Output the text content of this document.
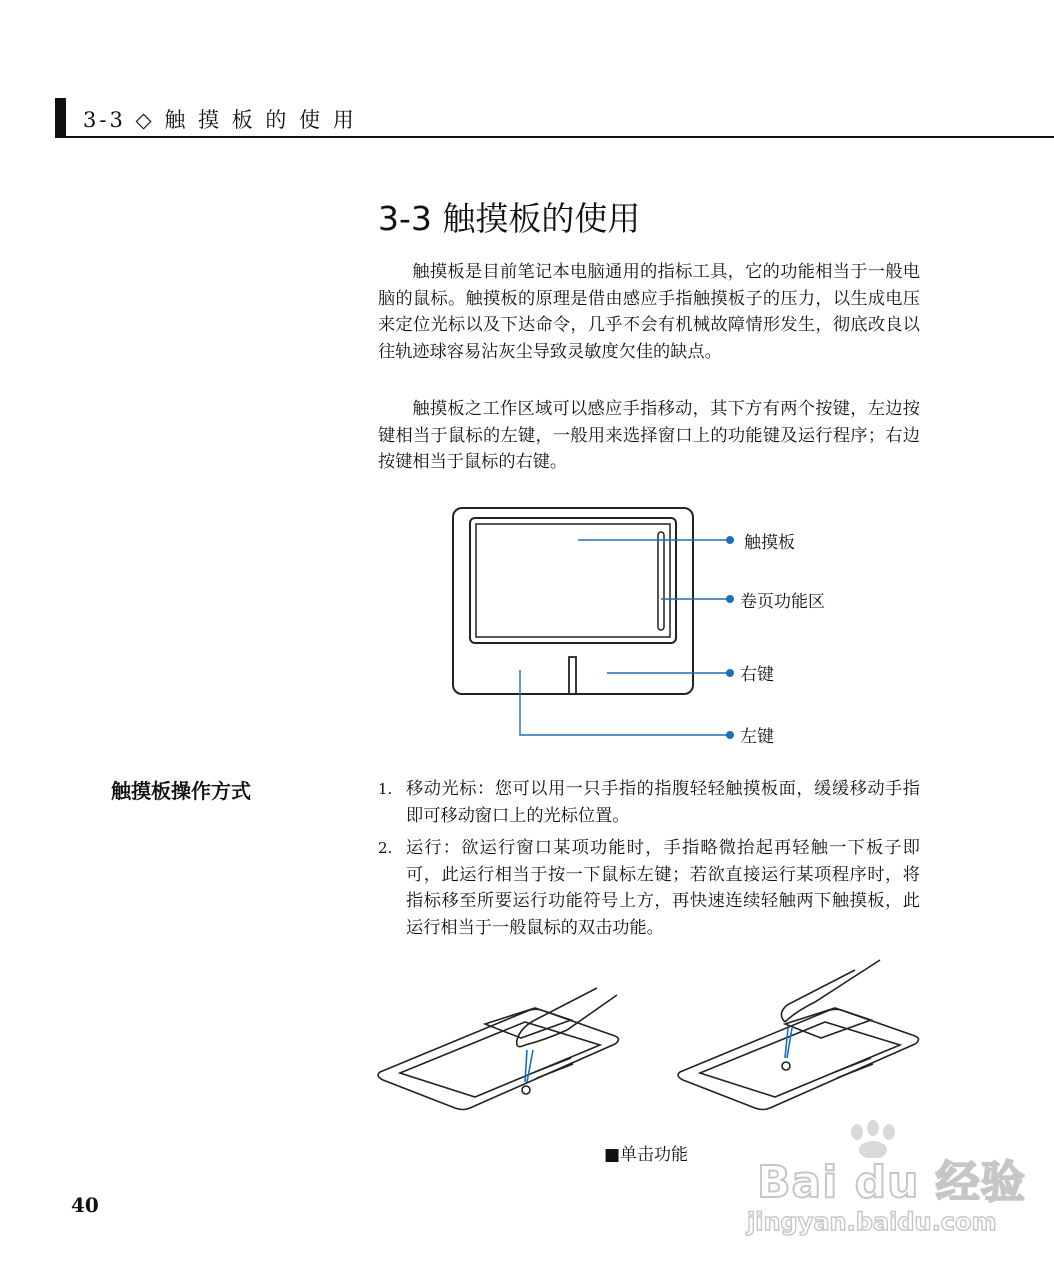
3-3 ◇ 触 摸 板 的 使 用
3-3 触摸板的使用

触摸板是目前笔记本电脑通用的指标工具，它的功能相当于一般电脑的鼠标。触摸板的原理是借由感应手指触摸板子的压力，以生成电压来定位光标以及下达命令，几乎不会有机械故障情形发生，彻底改良以往轨迹球容易沾灰尘导致灵敏度欠佳的缺点。

触摸板之工作区域可以感应手指移动，其下方有两个按键，左边按键相当于鼠标的左键，一般用来选择窗口上的功能键及运行程序；右边按键相当于鼠标的右键。

触摸板
卷页功能区
右键
左键
触摸板操作方式	1. 移动光标：您可以用一只手指的指腹轻轻触摸板面，缓缓移动手指即可移动窗口上的光标位置。
2. 运行：欲运行窗口某项功能时，手指略微抬起再轻触一下板子即可，此运行相当于按一下鼠标左键；若欲直接运行某项程序时，将指标移至所要运行功能符号上方，再快速连续轻触两下触摸板，此运行相当于一般鼠标的双击功能。
■单击功能
40	Bai du 经验
jingyan.baidu.com
